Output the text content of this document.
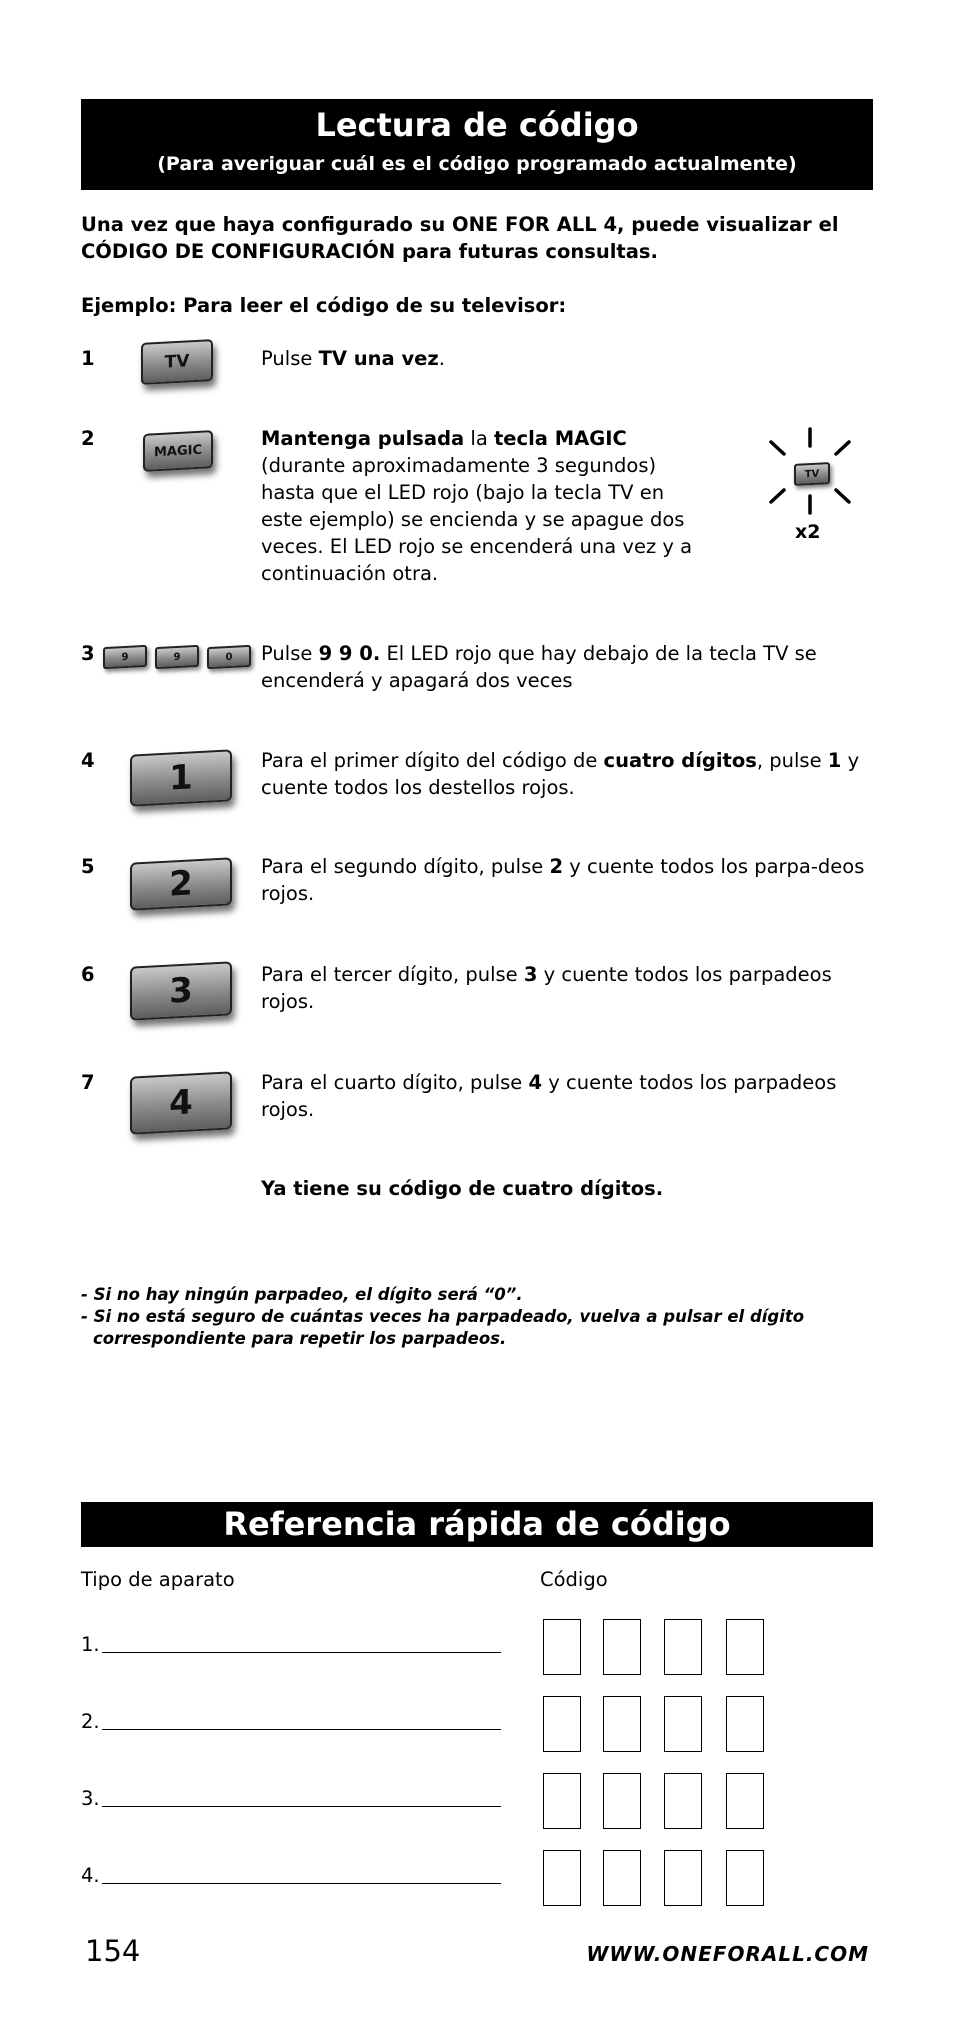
Lectura de código
(Para averiguar cuál es el código programado actualmente)
Una vez que haya configurado su ONE FOR ALL 4, puede visualizar el CÓDIGO DE CONFIGURACIÓN para futuras consultas.
Ejemplo: Para leer el código de su televisor:
1	TV	Pulse TV una vez.
2
MAGIC
Mantenga pulsada la tecla MAGIC (durante aproximadamente 3 segundos) hasta que el LED rojo (bajo la tecla TV en este ejemplo) se encienda y se apague dos veces. El LED rojo se encenderá una vez y a continuación otra.
TV
x2
3	9	9	0 Pulse 9 9 0. El LED rojo que hay debajo de la tecla TV se encenderá y apagará dos veces
4 1	Para el primer dígito del código de cuatro dígitos, pulse 1 y cuente todos los destellos rojos.
5 2	Para el segundo dígito, pulse 2 y cuente todos los parpa-deos rojos.
6 3	Para el tercer dígito, pulse 3 y cuente todos los parpadeos rojos.
7 4	Para el cuarto dígito, pulse 4 y cuente todos los parpadeos rojos.
Ya tiene su código de cuatro dígitos.
- Si no hay ningún parpadeo, el dígito será “0”.
- Si no está seguro de cuántas veces ha parpadeado, vuelva a pulsar el dígito
correspondiente para repetir los parpadeos.
Referencia rápida de código
Tipo de aparato	Código
1.
2.
3.
4.
154	WWW.ONEFORALL.COM
